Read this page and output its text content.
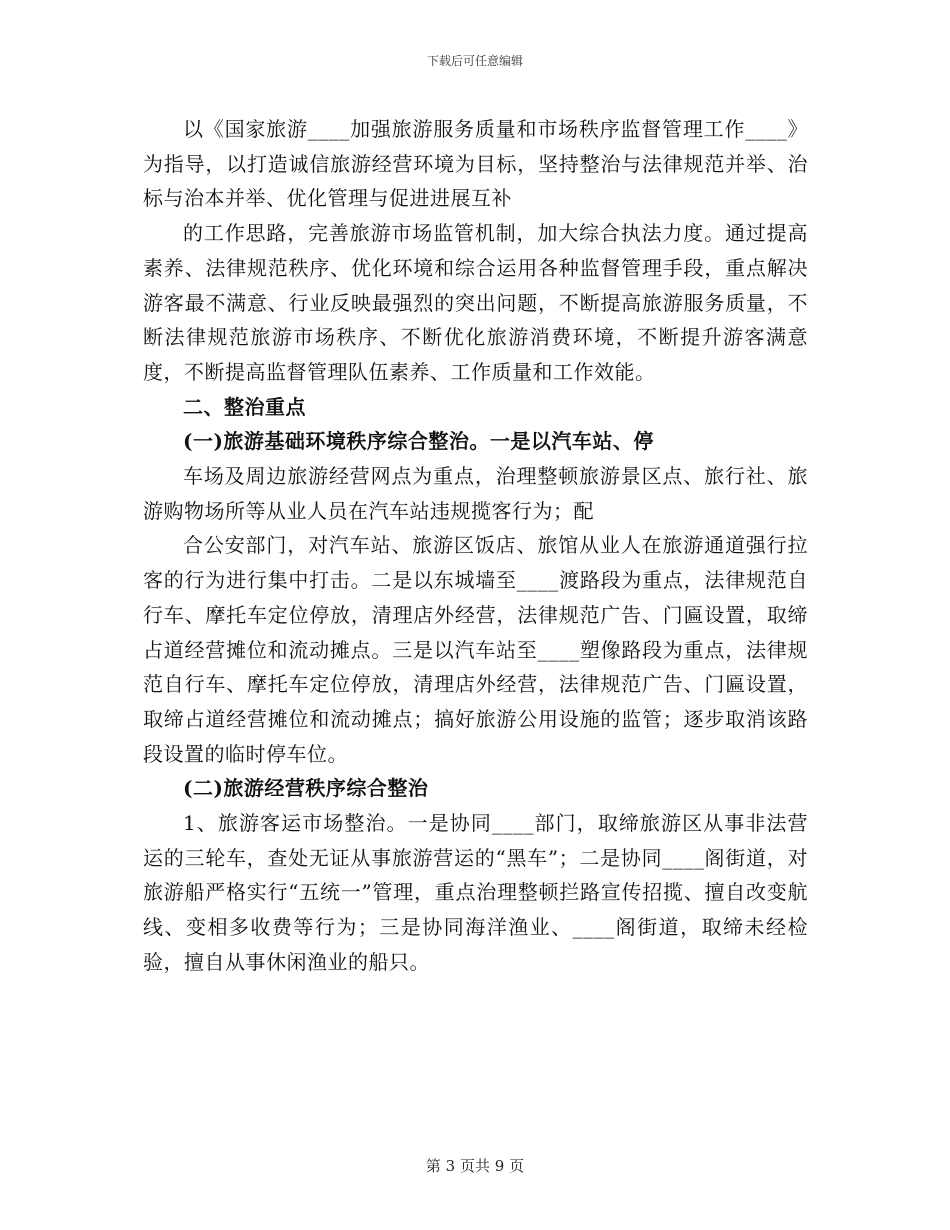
下载后可任意编辑

以《国家旅游____加强旅游服务质量和市场秩序监督管理工作____》为指导，以打造诚信旅游经营环境为目标，坚持整治与法律规范并举、治标与治本并举、优化管理与促进进展互补

的工作思路，完善旅游市场监管机制，加大综合执法力度。通过提高素养、法律规范秩序、优化环境和综合运用各种监督管理手段，重点解决游客最不满意、行业反映最强烈的突出问题，不断提高旅游服务质量，不断法律规范旅游市场秩序、不断优化旅游消费环境，不断提升游客满意度，不断提高监督管理队伍素养、工作质量和工作效能。

二、整治重点

(一)旅游基础环境秩序综合整治。一是以汽车站、停

车场及周边旅游经营网点为重点，治理整顿旅游景区点、旅行社、旅游购物场所等从业人员在汽车站违规揽客行为；配

合公安部门，对汽车站、旅游区饭店、旅馆从业人在旅游通道强行拉客的行为进行集中打击。二是以东城墙至____渡路段为重点，法律规范自行车、摩托车定位停放，清理店外经营，法律规范广告、门匾设置，取缔占道经营摊位和流动摊点。三是以汽车站至____塑像路段为重点，法律规范自行车、摩托车定位停放，清理店外经营，法律规范广告、门匾设置，取缔占道经营摊位和流动摊点；搞好旅游公用设施的监管；逐步取消该路段设置的临时停车位。

(二)旅游经营秩序综合整治

1、旅游客运市场整治。一是协同____部门，取缔旅游区从事非法营运的三轮车，查处无证从事旅游营运的“黑车”；二是协同____阁街道，对旅游船严格实行“五统一”管理，重点治理整顿拦路宣传招揽、擅自改变航线、变相多收费等行为；三是协同海洋渔业、____阁街道，取缔未经检验，擅自从事休闲渔业的船只。

第 3 页共 9 页
